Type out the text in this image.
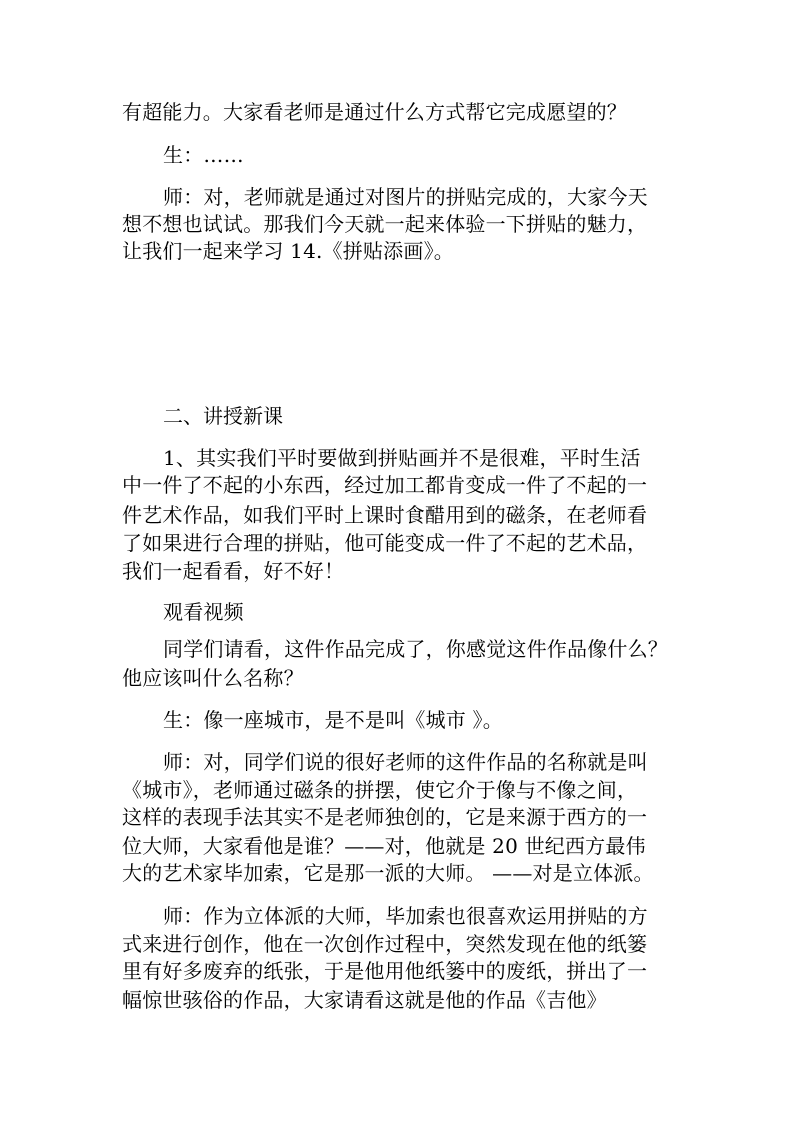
有超能力。大家看老师是通过什么方式帮它完成愿望的？
生：……
师：对，老师就是通过对图片的拼贴完成的，大家今天
想不想也试试。那我们今天就一起来体验一下拼贴的魅力，
让我们一起来学习 14.《拼贴添画》。
二、讲授新课
1、其实我们平时要做到拼贴画并不是很难，平时生活
中一件了不起的小东西，经过加工都肯变成一件了不起的一
件艺术作品，如我们平时上课时食醋用到的磁条，在老师看
了如果进行合理的拼贴，他可能变成一件了不起的艺术品，
我们一起看看，好不好！
观看视频
同学们请看，这件作品完成了，你感觉这件作品像什么？
他应该叫什么名称？
生：像一座城市，是不是叫《城市 》。
师：对，同学们说的很好老师的这件作品的名称就是叫
《城市》，老师通过磁条的拼摆，使它介于像与不像之间，
这样的表现手法其实不是老师独创的，它是来源于西方的一
位大师，大家看他是谁？——对，他就是 20 世纪西方最伟
大的艺术家毕加索，它是那一派的大师。 ——对是立体派。
师：作为立体派的大师，毕加索也很喜欢运用拼贴的方
式来进行创作，他在一次创作过程中，突然发现在他的纸篓
里有好多废弃的纸张，于是他用他纸篓中的废纸，拼出了一
幅惊世骇俗的作品，大家请看这就是他的作品《吉他》
